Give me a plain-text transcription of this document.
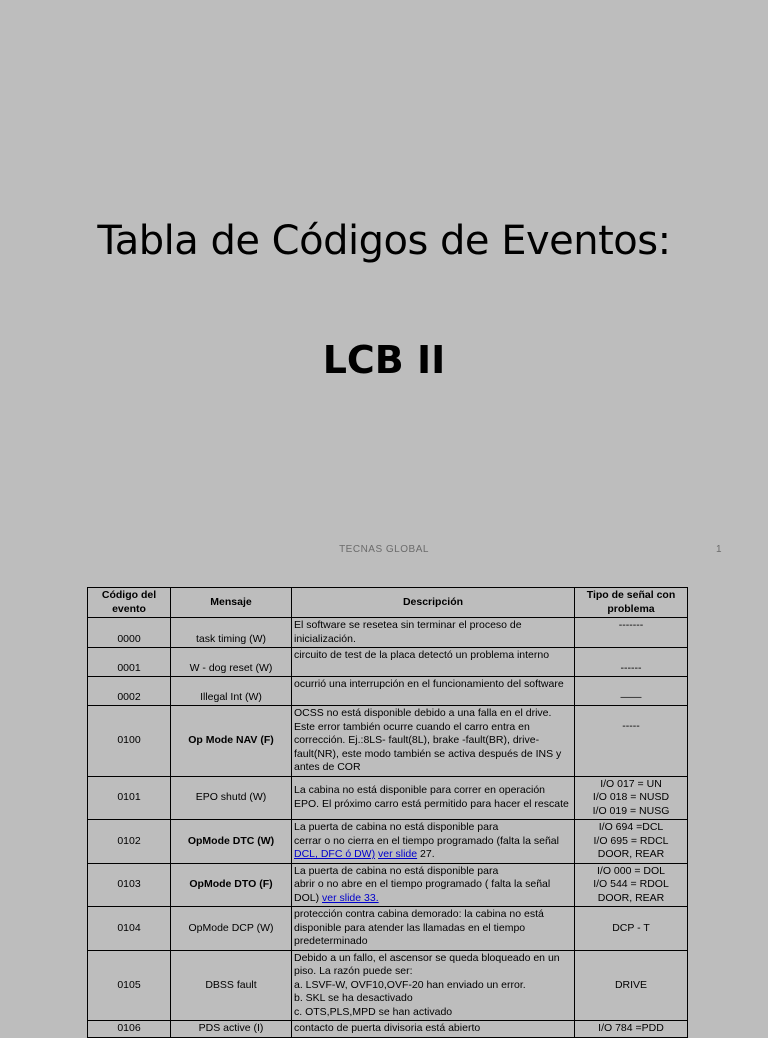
Tabla de Códigos de Eventos:
LCB II
TECNAS GLOBAL	1
Código del evento	Mensaje	Descripción	Tipo de señal con problema
0000	task timing (W)	El software se resetea sin terminar el proceso de inicialización.	-------
0001	W - dog reset (W)	circuito de test de la placa detectó un problema interno	------
0002	Illegal Int (W)	ocurrió una interrupción en el funcionamiento del software	——
0100	Op Mode NAV (F)	OCSS no está disponible debido a una falla en el drive. Este error también ocurre cuando el carro entra en corrección. Ej.:8LS- fault(8L), brake -fault(BR), drive-fault(NR), este modo también se activa después de INS y antes de COR	-----
0101	EPO shutd (W)	La cabina no está disponible para correr en operación EPO. El próximo carro está permitido para hacer el rescate	I/O 017 = UN
I/O 018 = NUSD
I/O 019 = NUSG

0102	OpMode DTC (W)	La puerta de cabina no está disponible para
cerrar o no cierra en el tiempo programado (falta la señal
DCL, DFC ó DW) ver slide 27.	I/O 694 =DCL
I/O 695 = RDCL
DOOR, REAR

0103	OpMode DTO (F)	La puerta de cabina no está disponible para
abrir o no abre en el tiempo programado ( falta la señal
DOL) ver slide 33.	I/O 000 = DOL
I/O 544 = RDOL
DOOR, REAR

0104	OpMode DCP (W)	protección contra cabina demorado: la cabina no está disponible para atender las llamadas en el tiempo predeterminado	DCP - T
0105	DBSS fault	Debido a un fallo, el ascensor se queda bloqueado en un piso. La razón puede ser:
a. LSVF-W, OVF10,OVF-20 han enviado un error.
b. SKL se ha desactivado
c. OTS,PLS,MPD se han activado	DRIVE
0106	PDS active (I)	contacto de puerta divisoria está abierto	I/O 784 =PDD
